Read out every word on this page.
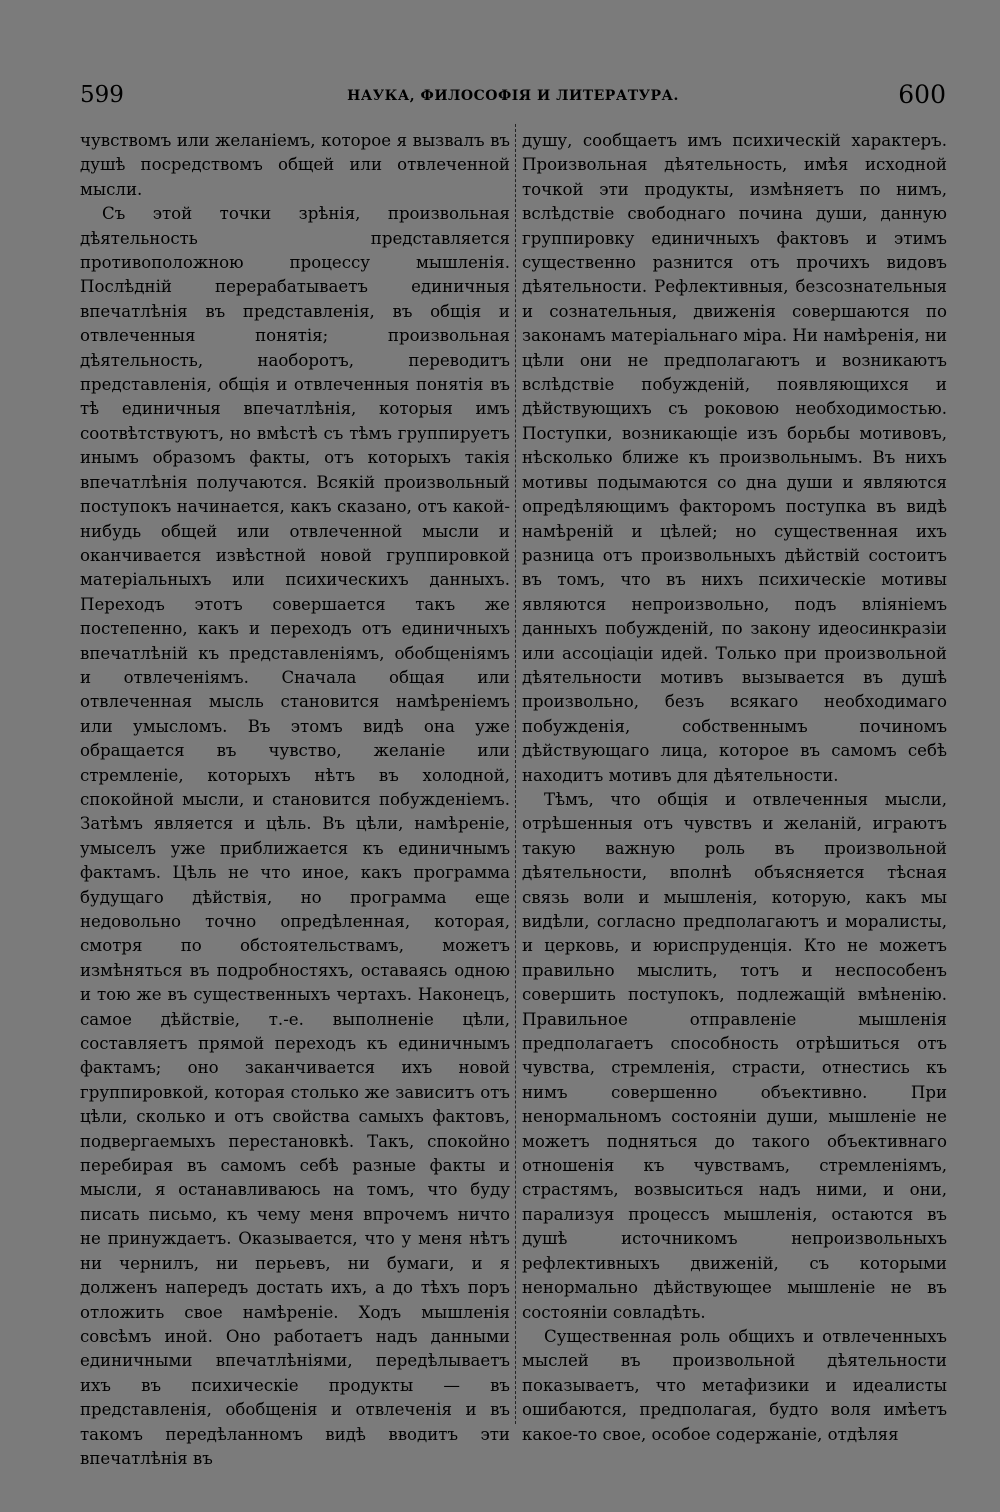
599	НАУКА, ФИЛОСОФІЯ И ЛИТЕРАТУРА.	600

чувствомъ или желаніемъ, которое я вызвалъ въ душѣ посредствомъ общей или отвлеченной мысли.

Съ этой точки зрѣнія, произвольная дѣятельность представляется противоположною процессу мышленія. Послѣдній перерабатываетъ единичныя впечатлѣнія въ представленія, въ общія и отвлеченныя понятія; произвольная дѣятельность, наоборотъ, переводитъ представленія, общія и отвлеченныя понятія въ тѣ единичныя впечатлѣнія, которыя имъ соотвѣтствуютъ, но вмѣстѣ съ тѣмъ группируетъ инымъ образомъ факты, отъ которыхъ такія впечатлѣнія получаются. Всякій произвольный поступокъ начинается, какъ сказано, отъ какой-нибудь общей или отвлеченной мысли и оканчивается извѣстной новой группировкой матеріальныхъ или психическихъ данныхъ. Переходъ этотъ совершается такъ же постепенно, какъ и переходъ отъ единичныхъ впечатлѣній къ представленіямъ, обобщеніямъ и отвлеченіямъ. Сначала общая или отвлеченная мысль становится намѣреніемъ или умысломъ. Въ этомъ видѣ она уже обращается въ чувство, желаніе или стремленіе, которыхъ нѣтъ въ холодной, спокойной мысли, и становится побужденіемъ. Затѣмъ является и цѣль. Въ цѣли, намѣреніе, умыселъ уже приближается къ единичнымъ фактамъ. Цѣль не что иное, какъ программа будущаго дѣйствія, но программа еще недовольно точно опредѣленная, которая, смотря по обстоятельствамъ, можетъ измѣняться въ подробностяхъ, оставаясь одною и тою же въ существенныхъ чертахъ. Наконецъ, самое дѣйствіе, т.-е. выполненіе цѣли, составляетъ прямой переходъ къ единичнымъ фактамъ; оно заканчивается ихъ новой группировкой, которая столько же зависитъ отъ цѣли, сколько и отъ свойства самыхъ фактовъ, подвергаемыхъ перестановкѣ. Такъ, спокойно перебирая въ самомъ себѣ разные факты и мысли, я останавливаюсь на томъ, что буду писать письмо, къ чему меня впрочемъ ничто не принуждаетъ. Оказывается, что у меня нѣтъ ни чернилъ, ни перьевъ, ни бумаги, и я долженъ напередъ достать ихъ, а до тѣхъ поръ отложить свое намѣреніе. Ходъ мышленія совсѣмъ иной. Оно работаетъ надъ данными единичными впечатлѣніями, передѣлываетъ ихъ въ психическіе продукты — въ представленія, обобщенія и отвлеченія и въ такомъ передѣланномъ видѣ вводитъ эти впечатлѣнія въ

душу, сообщаетъ имъ психическій характеръ. Произвольная дѣятельность, имѣя исходной точкой эти продукты, измѣняетъ по нимъ, вслѣдствіе свободнаго почина души, данную группировку единичныхъ фактовъ и этимъ существенно разнится отъ прочихъ видовъ дѣятельности. Рефлективныя, безсознательныя и сознательныя, движенія совершаются по законамъ матеріальнаго міра. Ни намѣренія, ни цѣли они не предполагаютъ и возникаютъ вслѣдствіе побужденій, появляющихся и дѣйствующихъ съ роковою необходимостью. Поступки, возникающіе изъ борьбы мотивовъ, нѣсколько ближе къ произвольнымъ. Въ нихъ мотивы подымаются со дна души и являются опредѣляющимъ факторомъ поступка въ видѣ намѣреній и цѣлей; но существенная ихъ разница отъ произвольныхъ дѣйствій состоитъ въ томъ, что въ нихъ психическіе мотивы являются непроизвольно, подъ вліяніемъ данныхъ побужденій, по закону идеосинкразіи или ассоціаціи идей. Только при произвольной дѣятельности мотивъ вызывается въ душѣ произвольно, безъ всякаго необходимаго побужденія, собственнымъ починомъ дѣйствующаго лица, которое въ самомъ себѣ находитъ мотивъ для дѣятельности.

Тѣмъ, что общія и отвлеченныя мысли, отрѣшенныя отъ чувствъ и желаній, играютъ такую важную роль въ произвольной дѣятельности, вполнѣ объясняется тѣсная связь воли и мышленія, которую, какъ мы видѣли, согласно предполагаютъ и моралисты, и церковь, и юриспруденція. Кто не можетъ правильно мыслить, тотъ и неспособенъ совершить поступокъ, подлежащій вмѣненію. Правильное отправленіе мышленія предполагаетъ способность отрѣшиться отъ чувства, стремленія, страсти, отнестись къ нимъ совершенно объективно. При ненормальномъ состояніи души, мышленіе не можетъ подняться до такого объективнаго отношенія къ чувствамъ, стремленіямъ, страстямъ, возвыситься надъ ними, и они, парализуя процессъ мышленія, остаются въ душѣ источникомъ непроизвольныхъ рефлективныхъ движеній, съ которыми ненормально дѣйствующее мышленіе не въ состояніи совладѣть.

Существенная роль общихъ и отвлеченныхъ мыслей въ произвольной дѣятельности показываетъ, что метафизики и идеалисты ошибаются, предполагая, будто воля имѣетъ какое-то свое, особое содержаніе, отдѣляя
